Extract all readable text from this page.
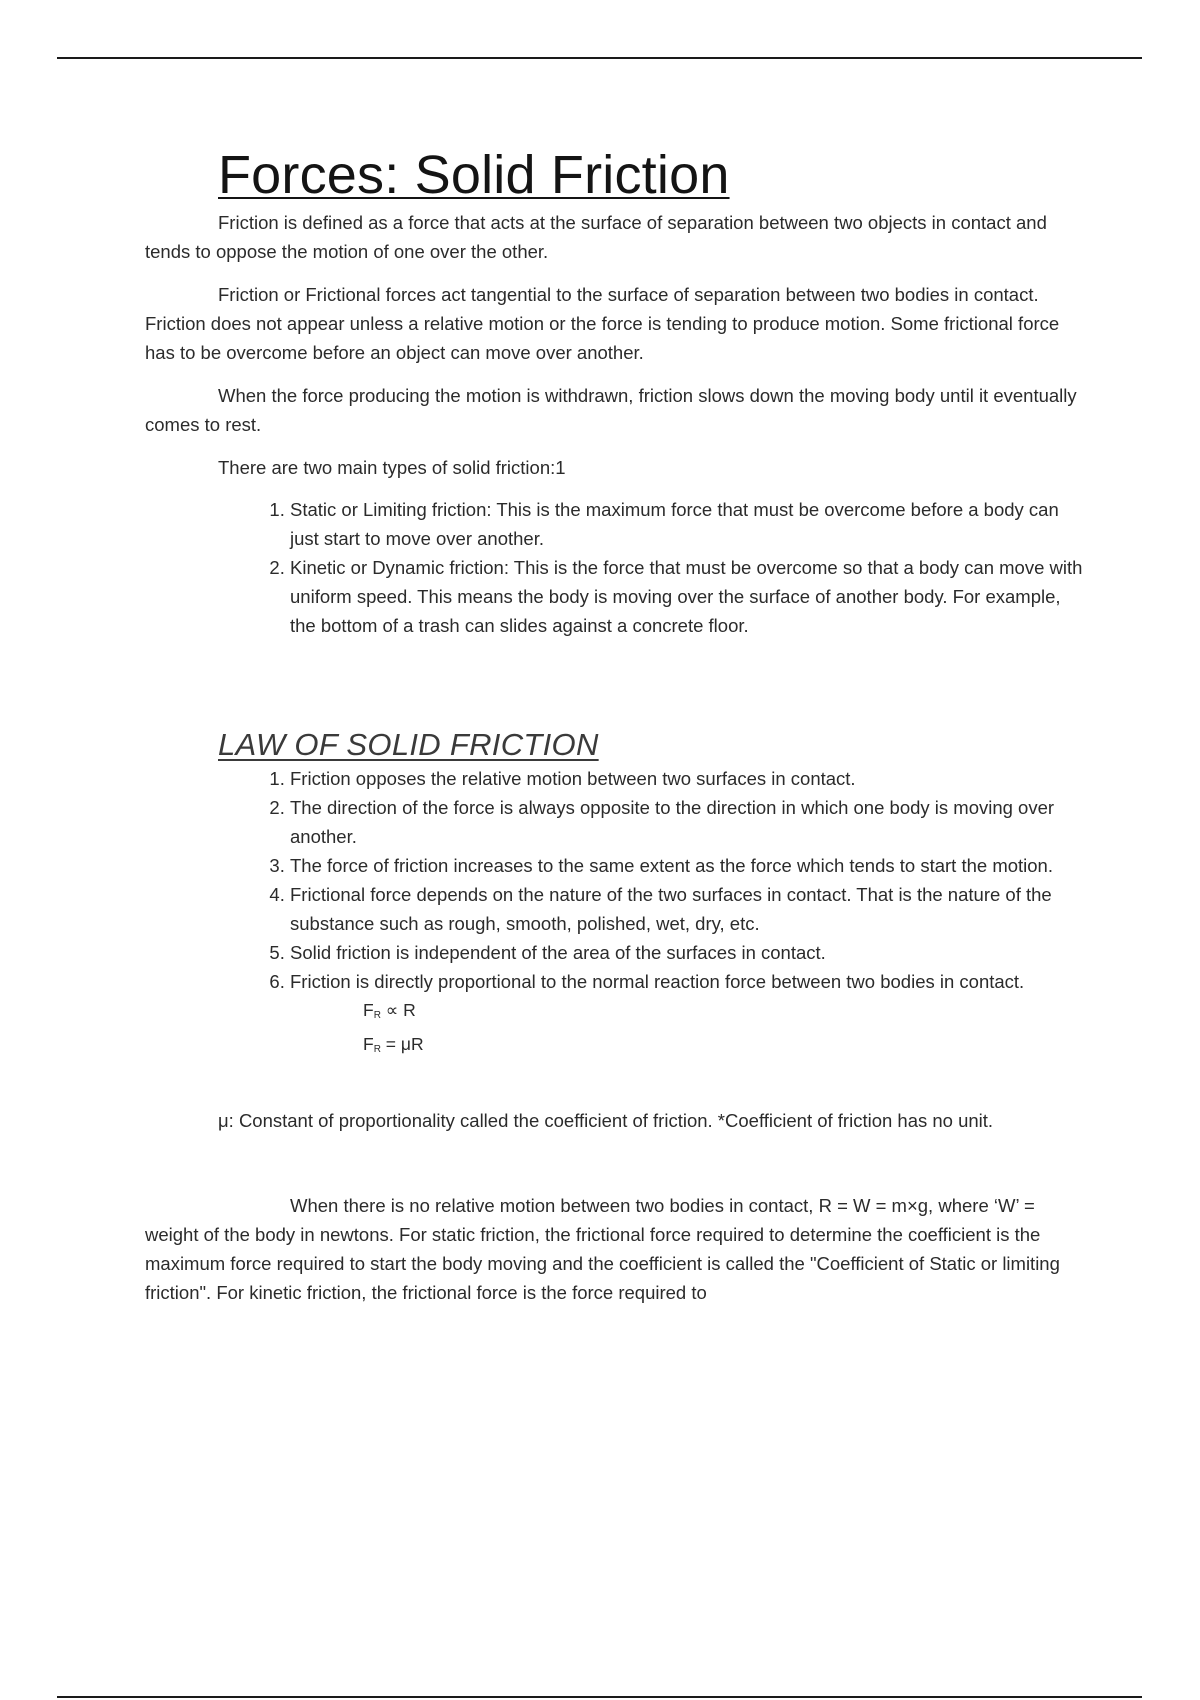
Forces: Solid Friction

Friction is defined as a force that acts at the surface of separation between two objects in contact and tends to oppose the motion of one over the other.

Friction or Frictional forces act tangential to the surface of separation between two bodies in contact. Friction does not appear unless a relative motion or the force is tending to produce motion. Some frictional force has to be overcome before an object can move over another.

When the force producing the motion is withdrawn, friction slows down the moving body until it eventually comes to rest.

There are two main types of solid friction:1

1. Static or Limiting friction: This is the maximum force that must be overcome before a body can just start to move over another.
2. Kinetic or Dynamic friction: This is the force that must be overcome so that a body can move with uniform speed. This means the body is moving over the surface of another body. For example, the bottom of a trash can slides against a concrete floor.
LAW OF SOLID FRICTION
1. Friction opposes the relative motion between two surfaces in contact.
2. The direction of the force is always opposite to the direction in which one body is moving over another.
3. The force of friction increases to the same extent as the force which tends to start the motion.
4. Frictional force depends on the nature of the two surfaces in contact. That is the nature of the substance such as rough, smooth, polished, wet, dry, etc.
5. Solid friction is independent of the area of the surfaces in contact.
6. Friction is directly proportional to the normal reaction force between two bodies in contact.
$F_R \propto R$
$F_R = \mu R$

μ: Constant of proportionality called the coefficient of friction. *Coefficient of friction has no unit.

When there is no relative motion between two bodies in contact, R = W = m×g, where ‘W’ = weight of the body in newtons. For static friction, the frictional force required to determine the coefficient is the maximum force required to start the body moving and the coefficient is called the "Coefficient of Static or limiting friction". For kinetic friction, the frictional force is the force required to
